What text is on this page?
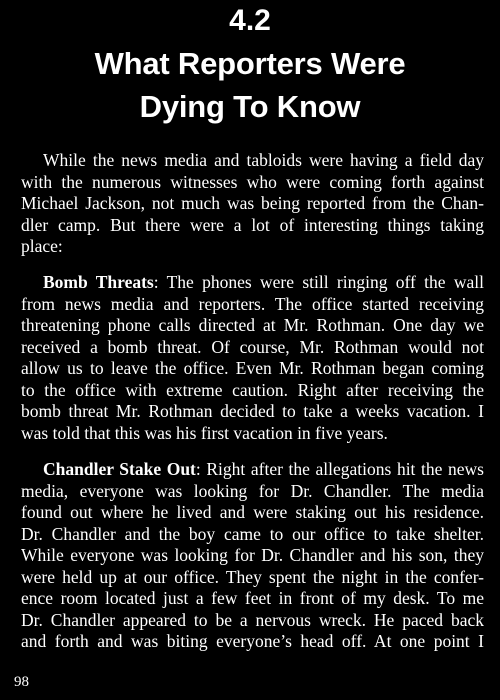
4.2
What Reporters Were
Dying To Know
While the news media and tabloids were having a field day
with the numerous witnesses who were coming forth against
Michael Jackson, not much was being reported from the Chan-
dler camp. But there were a lot of interesting things taking
place:
Bomb Threats: The phones were still ringing off the wall
from news media and reporters. The office started receiving
threatening phone calls directed at Mr. Rothman. One day we
received a bomb threat. Of course, Mr. Rothman would not
allow us to leave the office. Even Mr. Rothman began coming
to the office with extreme caution. Right after receiving the
bomb threat Mr. Rothman decided to take a weeks vacation. I
was told that this was his first vacation in five years.
Chandler Stake Out: Right after the allegations hit the news
media, everyone was looking for Dr. Chandler. The media
found out where he lived and were staking out his residence.
Dr. Chandler and the boy came to our office to take shelter.
While everyone was looking for Dr. Chandler and his son, they
were held up at our office. They spent the night in the confer-
ence room located just a few feet in front of my desk. To me
Dr. Chandler appeared to be a nervous wreck. He paced back
and forth and was biting everyone’s head off. At one point I
98
